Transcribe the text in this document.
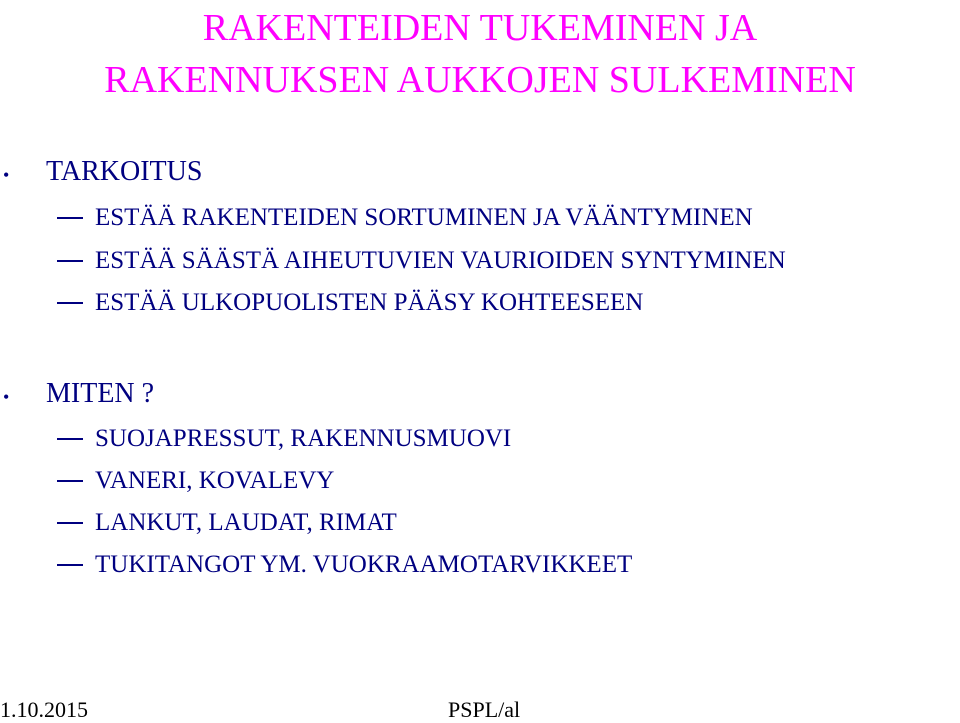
RAKENTEIDEN TUKEMINEN JA
RAKENNUKSEN AUKKOJEN SULKEMINEN
• TARKOITUS
ESTÄÄ RAKENTEIDEN SORTUMINEN JA VÄÄNTYMINEN
ESTÄÄ SÄÄSTÄ AIHEUTUVIEN VAURIOIDEN SYNTYMINEN
ESTÄÄ ULKOPUOLISTEN PÄÄSY KOHTEESEEN
• MITEN ?
SUOJAPRESSUT, RAKENNUSMUOVI
VANERI, KOVALEVY
LANKUT, LAUDAT, RIMAT
TUKITANGOT YM. VUOKRAAMOTARVIKKEET
1.10.2015	PSPL/al
